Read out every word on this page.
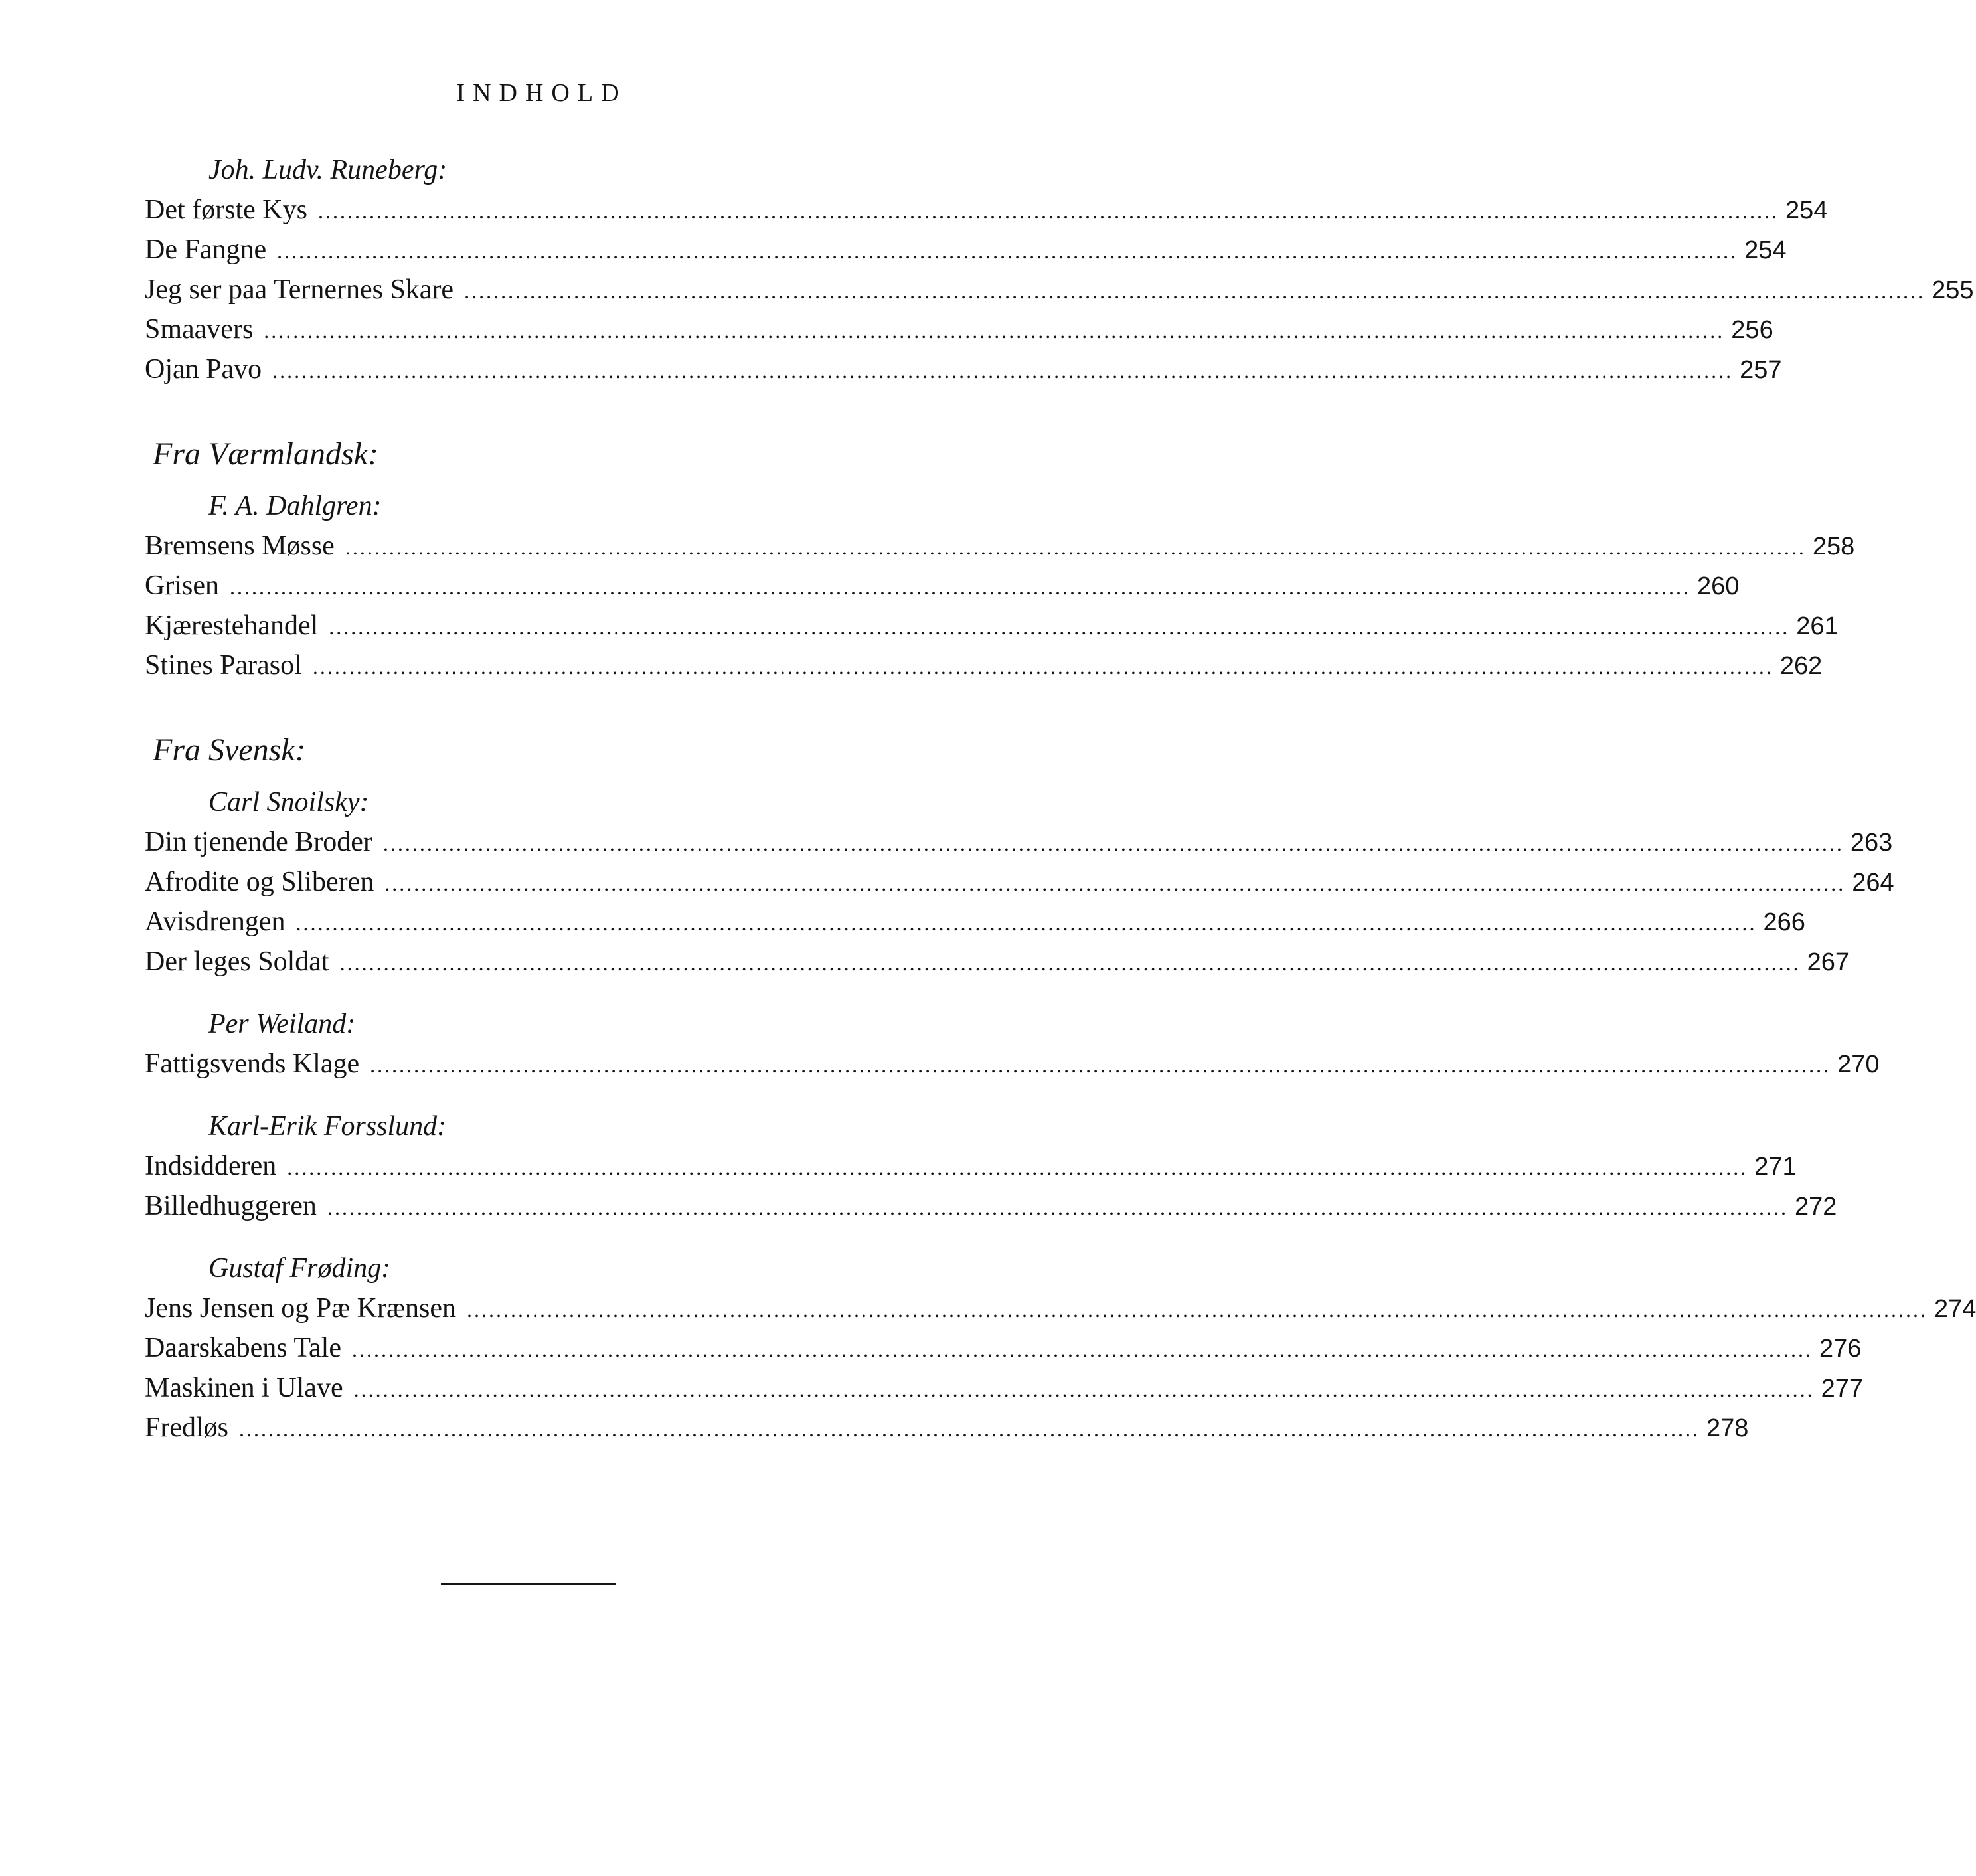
INDHOLD
Joh. Ludv. Runeberg:
Det første Kys ........................................................................................................................................................................................................ 254
De Fangne ........................................................................................................................................................................................................ 254
Jeg ser paa Ternernes Skare ........................................................................................................................................................................................................ 255
Smaavers ........................................................................................................................................................................................................ 256
Ojan Pavo ........................................................................................................................................................................................................ 257
Fra Værmlandsk:
F. A. Dahlgren:
Bremsens Møsse ........................................................................................................................................................................................................ 258
Grisen ........................................................................................................................................................................................................ 260
Kjærestehandel ........................................................................................................................................................................................................ 261
Stines Parasol ........................................................................................................................................................................................................ 262
Fra Svensk:
Carl Snoilsky:
Din tjenende Broder ........................................................................................................................................................................................................ 263
Afrodite og Sliberen ........................................................................................................................................................................................................ 264
Avisdrengen ........................................................................................................................................................................................................ 266
Der leges Soldat ........................................................................................................................................................................................................ 267
Per Weiland:
Fattigsvends Klage ........................................................................................................................................................................................................ 270
Karl-Erik Forsslund:
Indsidderen ........................................................................................................................................................................................................ 271
Billedhuggeren ........................................................................................................................................................................................................ 272
Gustaf Frøding:
Jens Jensen og Pæ Krænsen ........................................................................................................................................................................................................ 274
Daarskabens Tale ........................................................................................................................................................................................................ 276
Maskinen i Ulave ........................................................................................................................................................................................................ 277
Fredløs ........................................................................................................................................................................................................ 278
